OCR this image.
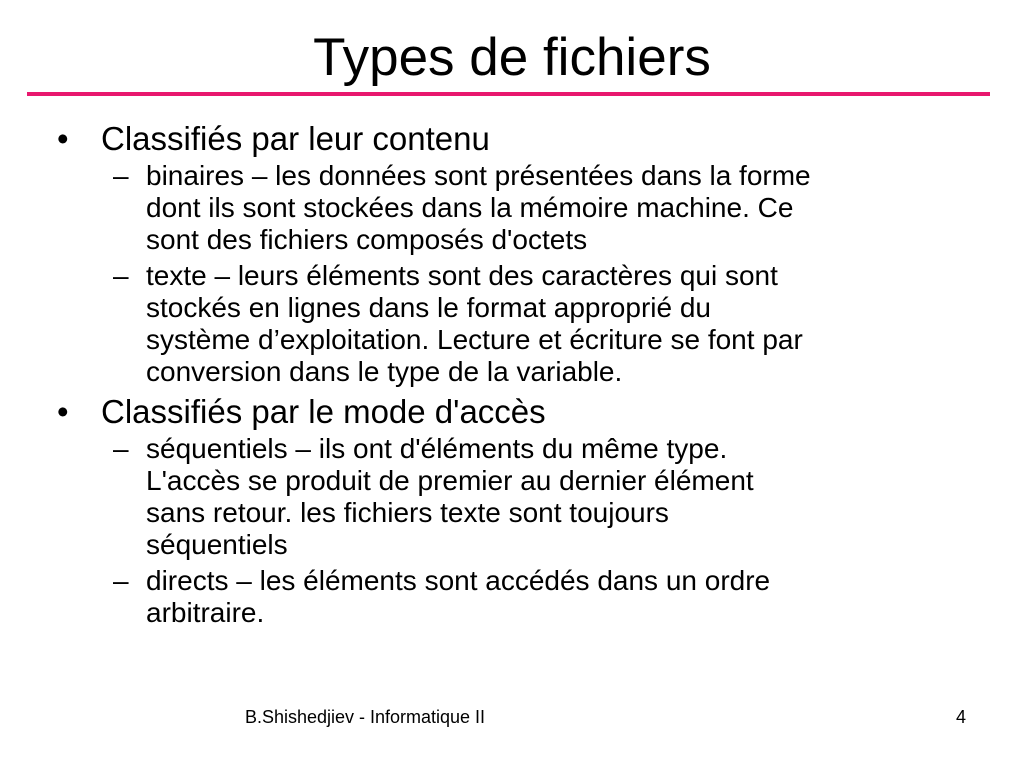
Types de fichiers
• Classifiés par leur contenu
– binaires – les données sont présentées dans la forme
dont ils sont stockées dans la mémoire machine. Ce
sont des fichiers composés d'octets
– texte – leurs éléments sont des caractères qui sont
stockés en lignes dans le format approprié du
système d’exploitation. Lecture et écriture se font par
conversion dans le type de la variable.
• Classifiés par le mode d'accès
– séquentiels – ils ont d'éléments du même type.
L'accès se produit de premier au dernier élément
sans retour. les fichiers texte sont toujours
séquentiels
– directs – les éléments sont accédés dans un ordre
arbitraire.
B.Shishedjiev - Informatique II	4
